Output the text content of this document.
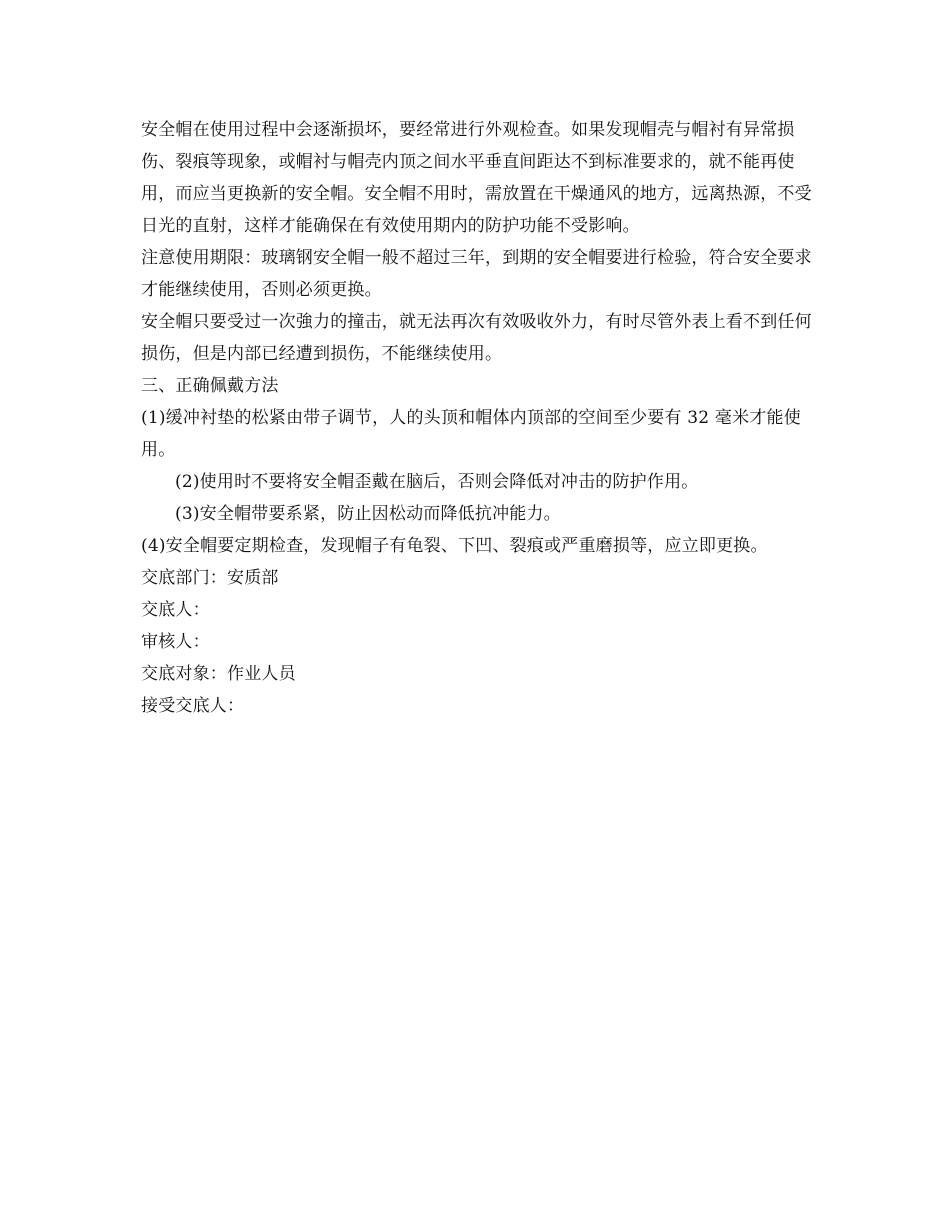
安全帽在使用过程中会逐渐损坏，要经常进行外观检查。如果发现帽壳与帽衬有异常损伤、裂痕等现象，或帽衬与帽壳内顶之间水平垂直间距达不到标准要求的，就不能再使用，而应当更换新的安全帽。安全帽不用时，需放置在干燥通风的地方，远离热源，不受日光的直射，这样才能确保在有效使用期内的防护功能不受影响。

注意使用期限：玻璃钢安全帽一般不超过三年，到期的安全帽要进行检验，符合安全要求才能继续使用，否则必须更换。

安全帽只要受过一次強力的撞击，就无法再次有效吸收外力，有时尽管外表上看不到任何损伤，但是内部已经遭到损伤，不能继续使用。

三、正确佩戴方法

(1)缓冲衬垫的松紧由带子调节，人的头顶和帽体内顶部的空间至少要有 32 毫米才能使用。

(2)使用时不要将安全帽歪戴在脑后，否则会降低对冲击的防护作用。

(3)安全帽带要系紧，防止因松动而降低抗冲能力。

(4)安全帽要定期检查，发现帽子有龟裂、下凹、裂痕或严重磨损等，应立即更换。

交底部门：安质部
交底人：
审核人：
交底对象：作业人员
接受交底人：
